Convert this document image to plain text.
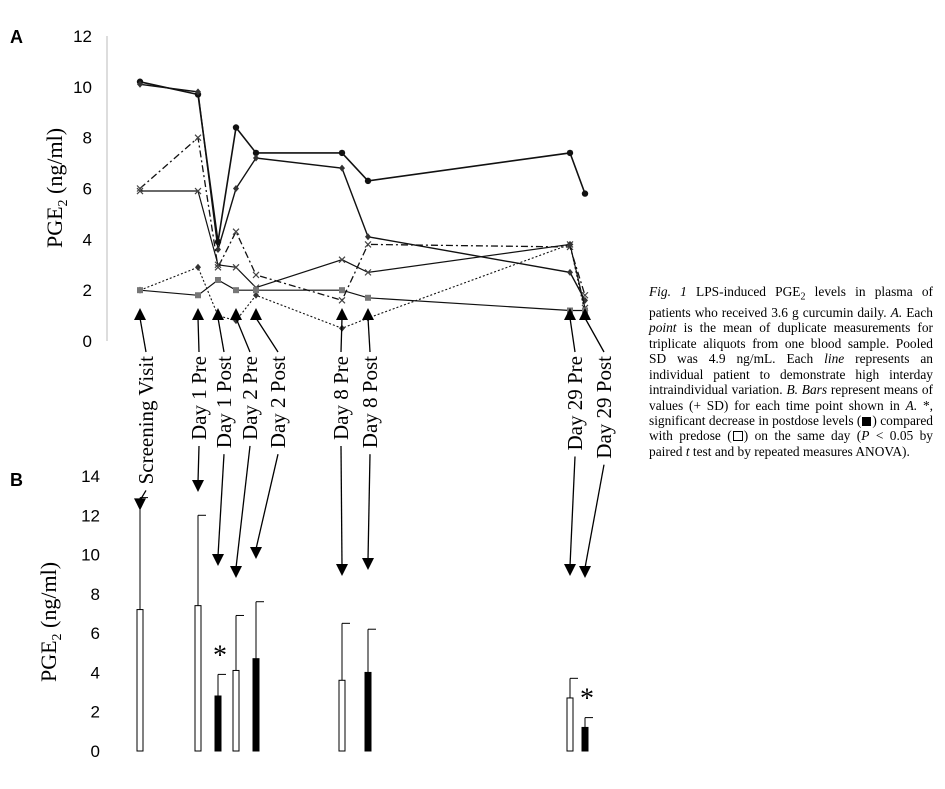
A
B
$PGE_2$ (ng/ml)
$PGE_2$ (ng/ml)
0
2
4
6
8
10
12
0
2
4
6
8
10
12
14
*
*
Screening Visit Day 1 Pre Day 1 Post Day 2 Pre Day 2 Post Day 8 Pre Day 8 Post	Day 29 Pre Day 29 Post
Fig. 1 LPS-induced $PGE_2$ levels in plasma of patients who received 3.6 g curcumin daily. A. Each point is the mean of duplicate measurements for triplicate aliquots from one blood sample. Pooled SD was 4.9 ng/mL. Each line represents an individual patient to demonstrate high interday intraindividual variation. B. Bars represent means of values (+ SD) for each time point shown in A. *, significant decrease in postdose levels ( ) compared with predose ( ) on the same day (P < 0.05 by paired t test and by repeated measures ANOVA).
